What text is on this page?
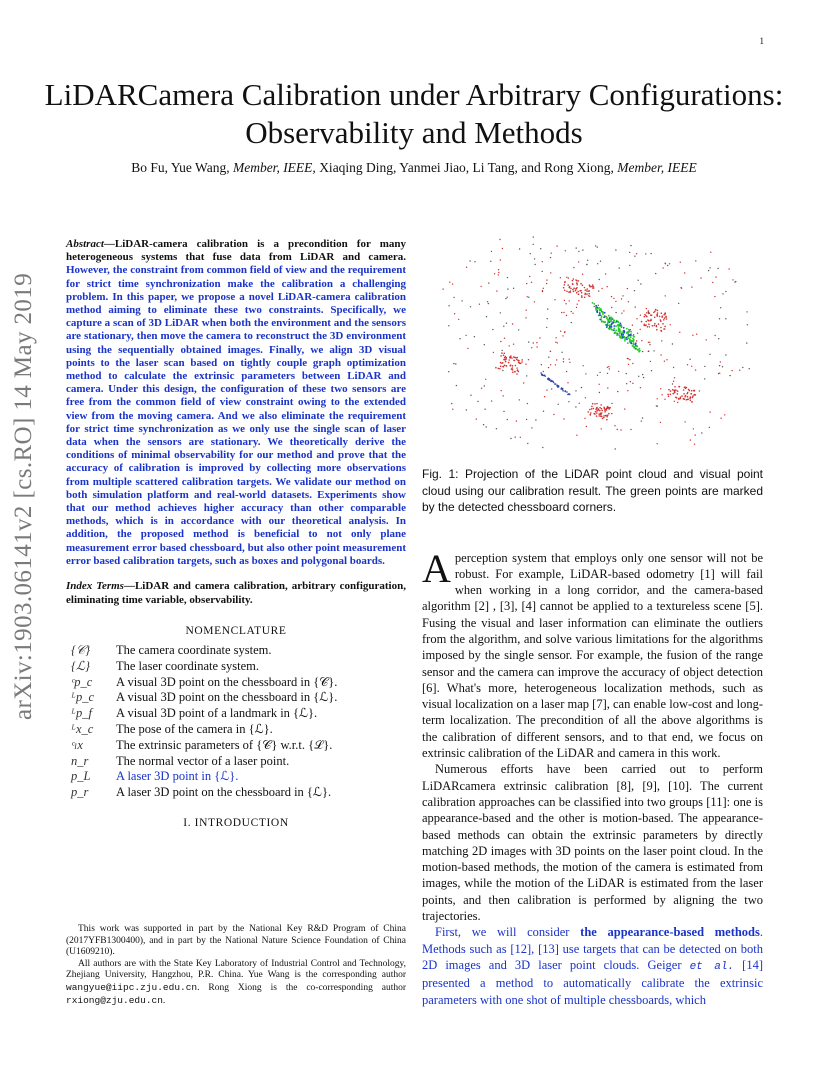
1
LiDARCamera Calibration under Arbitrary Configurations: Observability and Methods
Bo Fu, Yue Wang, Member, IEEE, Xiaqing Ding, Yanmei Jiao, Li Tang, and Rong Xiong, Member, IEEE
arXiv:1903.06141v2 [cs.RO] 14 May 2019
Abstract—LiDAR-camera calibration is a precondition for many heterogeneous systems that fuse data from LiDAR and camera. However, the constraint from common field of view and the requirement for strict time synchronization make the calibration a challenging problem. In this paper, we propose a novel LiDAR-camera calibration method aiming to eliminate these two constraints. Specifically, we capture a scan of 3D LiDAR when both the environment and the sensors are stationary, then move the camera to reconstruct the 3D environment using the sequentially obtained images. Finally, we align 3D visual points to the laser scan based on tightly couple graph optimization method to calculate the extrinsic parameters between LiDAR and camera. Under this design, the configuration of these two sensors are free from the common field of view constraint owing to the extended view from the moving camera. And we also eliminate the requirement for strict time synchronization as we only use the single scan of laser data when the sensors are stationary. We theoretically derive the conditions of minimal observability for our method and prove that the accuracy of calibration is improved by collecting more observations from multiple scattered calibration targets. We validate our method on both simulation platform and real-world datasets. Experiments show that our method achieves higher accuracy than other comparable methods, which is in accordance with our theoretical analysis. In addition, the proposed method is beneficial to not only plane measurement error based chessboard, but also other point measurement error based calibration targets, such as boxes and polygonal boards.
Index Terms—LiDAR and camera calibration, arbitrary configuration, eliminating time variable, observability.
NOMENCLATURE
{𝒞}	The camera coordinate system.
{ℒ}	The laser coordinate system.
ᶜp_c	A visual 3D point on the chessboard in {𝒞}.
ᴸp_c	A visual 3D point on the chessboard in {ℒ}.
ᴸp_f	A visual 3D point of a landmark in {ℒ}.
ᴸx_c	The pose of the camera in {ℒ}.
ᶜₗx	The extrinsic parameters of {𝒞} w.r.t. {ℒ}.
n_r	The normal vector of a laser point.
p_L	A laser 3D point in {ℒ}.
p_r	A laser 3D point on the chessboard in {ℒ}.
I. INTRODUCTION

This work was supported in part by the National Key R&D Program of China (2017YFB1300400), and in part by the National Nature Science Foundation of China (U1609210).

All authors are with the State Key Laboratory of Industrial Control and Technology, Zhejiang University, Hangzhou, P.R. China. Yue Wang is the corresponding author wangyue@iipc.zju.edu.cn. Rong Xiong is the co-corresponding author rxiong@zju.edu.cn.

Fig. 1: Projection of the LiDAR point cloud and visual point cloud using our calibration result. The green points are marked by the detected chessboard corners.

A perception system that employs only one sensor will not be robust. For example, LiDAR-based odometry [1] will fail when working in a long corridor, and the camera-based algorithm [2] , [3], [4] cannot be applied to a textureless scene [5]. Fusing the visual and laser information can eliminate the outliers from the algorithm, and solve various limitations for the algorithms imposed by the single sensor. For example, the fusion of the range sensor and the camera can improve the accuracy of object detection [6]. What's more, heterogeneous localization methods, such as visual localization on a laser map [7], can enable low-cost and long-term localization. The precondition of all the above algorithms is the calibration of different sensors, and to that end, we focus on extrinsic calibration of the LiDAR and camera in this work.

Numerous efforts have been carried out to perform LiDARcamera extrinsic calibration [8], [9], [10]. The current calibration approaches can be classified into two groups [11]: one is appearance-based and the other is motion-based. The appearance-based methods can obtain the extrinsic parameters by directly matching 2D images with 3D points on the laser point cloud. In the motion-based methods, the motion of the camera is estimated from images, while the motion of the LiDAR is estimated from the laser points, and then calibration is performed by aligning the two trajectories.

First, we will consider the appearance-based methods. Methods such as [12], [13] use targets that can be detected on both 2D images and 3D laser point clouds. Geiger et al. [14] presented a method to automatically calibrate the extrinsic parameters with one shot of multiple chessboards, which
